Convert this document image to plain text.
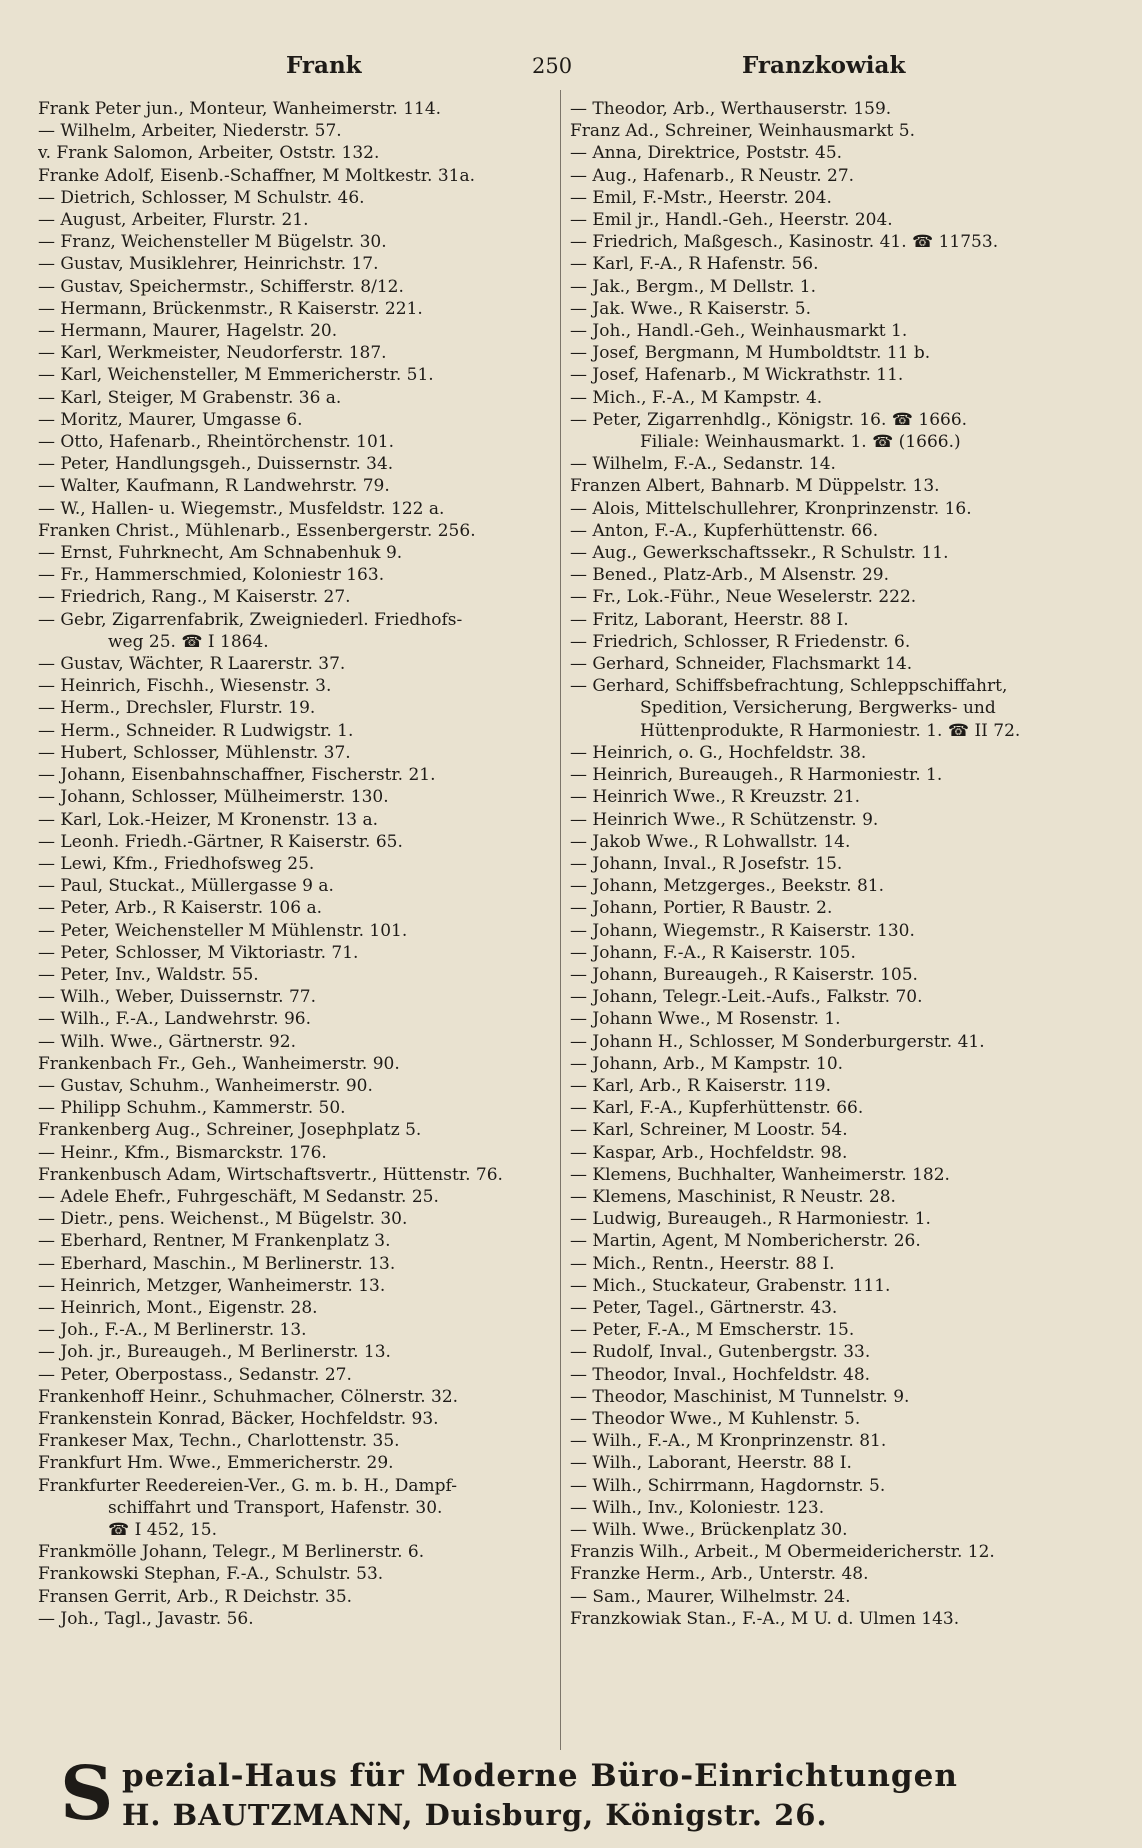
Frank	250	Franzkowiak
Frank Peter jun., Monteur, Wanheimerstr. 114.
— Wilhelm, Arbeiter, Niederstr. 57.
v. Frank Salomon, Arbeiter, Oststr. 132.
Franke Adolf, Eisenb.-Schaffner, M Moltkestr. 31a.
— Dietrich, Schlosser, M Schulstr. 46.
— August, Arbeiter, Flurstr. 21.
— Franz, Weichensteller M Bügelstr. 30.
— Gustav, Musiklehrer, Heinrichstr. 17.
— Gustav, Speichermstr., Schifferstr. 8/12.
— Hermann, Brückenmstr., R Kaiserstr. 221.
— Hermann, Maurer, Hagelstr. 20.
— Karl, Werkmeister, Neudorferstr. 187.
— Karl, Weichensteller, M Emmericherstr. 51.
— Karl, Steiger, M Grabenstr. 36 a.
— Moritz, Maurer, Umgasse 6.
— Otto, Hafenarb., Rheintörchenstr. 101.
— Peter, Handlungsgeh., Duissernstr. 34.
— Walter, Kaufmann, R Landwehrstr. 79.
— W., Hallen- u. Wiegemstr., Musfeldstr. 122 a.
Franken Christ., Mühlenarb., Essenbergerstr. 256.
— Ernst, Fuhrknecht, Am Schnabenhuk 9.
— Fr., Hammerschmied, Koloniestr 163.
— Friedrich, Rang., M Kaiserstr. 27.
— Gebr, Zigarrenfabrik, Zweigniederl. Friedhofs-
weg 25. ☎ I 1864.
— Gustav, Wächter, R Laarerstr. 37.
— Heinrich, Fischh., Wiesenstr. 3.
— Herm., Drechsler, Flurstr. 19.
— Herm., Schneider. R Ludwigstr. 1.
— Hubert, Schlosser, Mühlenstr. 37.
— Johann, Eisenbahnschaffner, Fischerstr. 21.
— Johann, Schlosser, Mülheimerstr. 130.
— Karl, Lok.-Heizer, M Kronenstr. 13 a.
— Leonh. Friedh.-Gärtner, R Kaiserstr. 65.
— Lewi, Kfm., Friedhofsweg 25.
— Paul, Stuckat., Müllergasse 9 a.
— Peter, Arb., R Kaiserstr. 106 a.
— Peter, Weichensteller M Mühlenstr. 101.
— Peter, Schlosser, M Viktoriastr. 71.
— Peter, Inv., Waldstr. 55.
— Wilh., Weber, Duissernstr. 77.
— Wilh., F.-A., Landwehrstr. 96.
— Wilh. Wwe., Gärtnerstr. 92.
Frankenbach Fr., Geh., Wanheimerstr. 90.
— Gustav, Schuhm., Wanheimerstr. 90.
— Philipp Schuhm., Kammerstr. 50.
Frankenberg Aug., Schreiner, Josephplatz 5.
— Heinr., Kfm., Bismarckstr. 176.
Frankenbusch Adam, Wirtschaftsvertr., Hüttenstr. 76.
— Adele Ehefr., Fuhrgeschäft, M Sedanstr. 25.
— Dietr., pens. Weichenst., M Bügelstr. 30.
— Eberhard, Rentner, M Frankenplatz 3.
— Eberhard, Maschin., M Berlinerstr. 13.
— Heinrich, Metzger, Wanheimerstr. 13.
— Heinrich, Mont., Eigenstr. 28.
— Joh., F.-A., M Berlinerstr. 13.
— Joh. jr., Bureaugeh., M Berlinerstr. 13.
— Peter, Oberpostass., Sedanstr. 27.
Frankenhoff Heinr., Schuhmacher, Cölnerstr. 32.
Frankenstein Konrad, Bäcker, Hochfeldstr. 93.
Frankeser Max, Techn., Charlottenstr. 35.
Frankfurt Hm. Wwe., Emmericherstr. 29.
Frankfurter Reedereien-Ver., G. m. b. H., Dampf-
schiffahrt und Transport, Hafenstr. 30.
☎ I 452, 15.
Frankmölle Johann, Telegr., M Berlinerstr. 6.
Frankowski Stephan, F.-A., Schulstr. 53.
Fransen Gerrit, Arb., R Deichstr. 35.
— Joh., Tagl., Javastr. 56.
— Theodor, Arb., Werthauserstr. 159.
Franz Ad., Schreiner, Weinhausmarkt 5.
— Anna, Direktrice, Poststr. 45.
— Aug., Hafenarb., R Neustr. 27.
— Emil, F.-Mstr., Heerstr. 204.
— Emil jr., Handl.-Geh., Heerstr. 204.
— Friedrich, Maßgesch., Kasinostr. 41. ☎ 11753.
— Karl, F.-A., R Hafenstr. 56.
— Jak., Bergm., M Dellstr. 1.
— Jak. Wwe., R Kaiserstr. 5.
— Joh., Handl.-Geh., Weinhausmarkt 1.
— Josef, Bergmann, M Humboldtstr. 11 b.
— Josef, Hafenarb., M Wickrathstr. 11.
— Mich., F.-A., M Kampstr. 4.
— Peter, Zigarrenhdlg., Königstr. 16. ☎ 1666.
Filiale: Weinhausmarkt. 1. ☎ (1666.)
— Wilhelm, F.-A., Sedanstr. 14.
Franzen Albert, Bahnarb. M Düppelstr. 13.
— Alois, Mittelschullehrer, Kronprinzenstr. 16.
— Anton, F.-A., Kupferhüttenstr. 66.
— Aug., Gewerkschaftssekr., R Schulstr. 11.
— Bened., Platz-Arb., M Alsenstr. 29.
— Fr., Lok.-Führ., Neue Weselerstr. 222.
— Fritz, Laborant, Heerstr. 88 I.
— Friedrich, Schlosser, R Friedenstr. 6.
— Gerhard, Schneider, Flachsmarkt 14.
— Gerhard, Schiffsbefrachtung, Schleppschiffahrt,
Spedition, Versicherung, Bergwerks- und
Hüttenprodukte, R Harmoniestr. 1. ☎ II 72.
— Heinrich, o. G., Hochfeldstr. 38.
— Heinrich, Bureaugeh., R Harmoniestr. 1.
— Heinrich Wwe., R Kreuzstr. 21.
— Heinrich Wwe., R Schützenstr. 9.
— Jakob Wwe., R Lohwallstr. 14.
— Johann, Inval., R Josefstr. 15.
— Johann, Metzgerges., Beekstr. 81.
— Johann, Portier, R Baustr. 2.
— Johann, Wiegemstr., R Kaiserstr. 130.
— Johann, F.-A., R Kaiserstr. 105.
— Johann, Bureaugeh., R Kaiserstr. 105.
— Johann, Telegr.-Leit.-Aufs., Falkstr. 70.
— Johann Wwe., M Rosenstr. 1.
— Johann H., Schlosser, M Sonderburgerstr. 41.
— Johann, Arb., M Kampstr. 10.
— Karl, Arb., R Kaiserstr. 119.
— Karl, F.-A., Kupferhüttenstr. 66.
— Karl, Schreiner, M Loostr. 54.
— Kaspar, Arb., Hochfeldstr. 98.
— Klemens, Buchhalter, Wanheimerstr. 182.
— Klemens, Maschinist, R Neustr. 28.
— Ludwig, Bureaugeh., R Harmoniestr. 1.
— Martin, Agent, M Nombericherstr. 26.
— Mich., Rentn., Heerstr. 88 I.
— Mich., Stuckateur, Grabenstr. 111.
— Peter, Tagel., Gärtnerstr. 43.
— Peter, F.-A., M Emscherstr. 15.
— Rudolf, Inval., Gutenbergstr. 33.
— Theodor, Inval., Hochfeldstr. 48.
— Theodor, Maschinist, M Tunnelstr. 9.
— Theodor Wwe., M Kuhlenstr. 5.
— Wilh., F.-A., M Kronprinzenstr. 81.
— Wilh., Laborant, Heerstr. 88 I.
— Wilh., Schirrmann, Hagdornstr. 5.
— Wilh., Inv., Koloniestr. 123.
— Wilh. Wwe., Brückenplatz 30.
Franzis Wilh., Arbeit., M Obermeidericherstr. 12.
Franzke Herm., Arb., Unterstr. 48.
— Sam., Maurer, Wilhelmstr. 24.
Franzkowiak Stan., F.-A., M U. d. Ulmen 143.
S pezial-Haus für Moderne Büro-Einrichtungen
H. BAUTZMANN, Duisburg, Königstr. 26.
